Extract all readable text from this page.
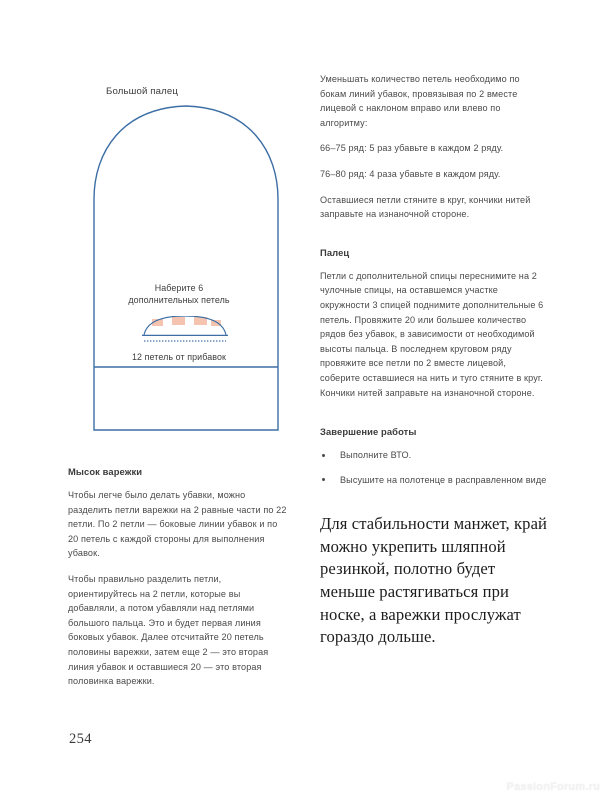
Большой палец
Наберите 6
дополнительных петель
12 петель от прибавок
Мысок варежки

Чтобы легче было делать убавки, можно разделить петли варежки на 2 равные части по 22 петли. По 2 петли — боковые линии убавок и по 20 петель с каждой стороны для выполнения убавок.

Чтобы правильно разделить петли, ориентируйтесь на 2 петли, которые вы добавляли, а потом убавляли над петлями большого пальца. Это и будет первая линия боковых убавок. Далее отсчитайте 20 петель половины варежки, затем еще 2 — это вторая линия убавок и оставшиеся 20 — это вторая половинка варежки.

Уменьшать количество петель необходимо по бокам линий убавок, провязывая по 2 вместе лицевой с наклоном вправо или влево по алгоритму:

66–75 ряд: 5 раз убавьте в каждом 2 ряду.

76–80 ряд: 4 раза убавьте в каждом ряду.

Оставшиеся петли стяните в круг, кончики нитей заправьте на изнаночной стороне.

Палец

Петли с дополнительной спицы переснимите на 2 чулочные спицы, на оставшемся участке окружности 3 спицей поднимите дополнительные 6 петель. Провяжите 20 или большее количество рядов без убавок, в зависимости от необходимой высоты пальца. В последнем круговом ряду провяжите все петли по 2 вместе лицевой, соберите оставшиеся на нить и туго стяните в круг. Кончики нитей заправьте на изнаночной стороне.

Завершение работы
Выполните ВТО.
Высушите на полотенце в расправленном виде

Для стабильности манжет, край можно укрепить шляпной резинкой, полотно будет меньше растягиваться при носке, а варежки прослужат гораздо дольше.

254
PassionForum.ru
